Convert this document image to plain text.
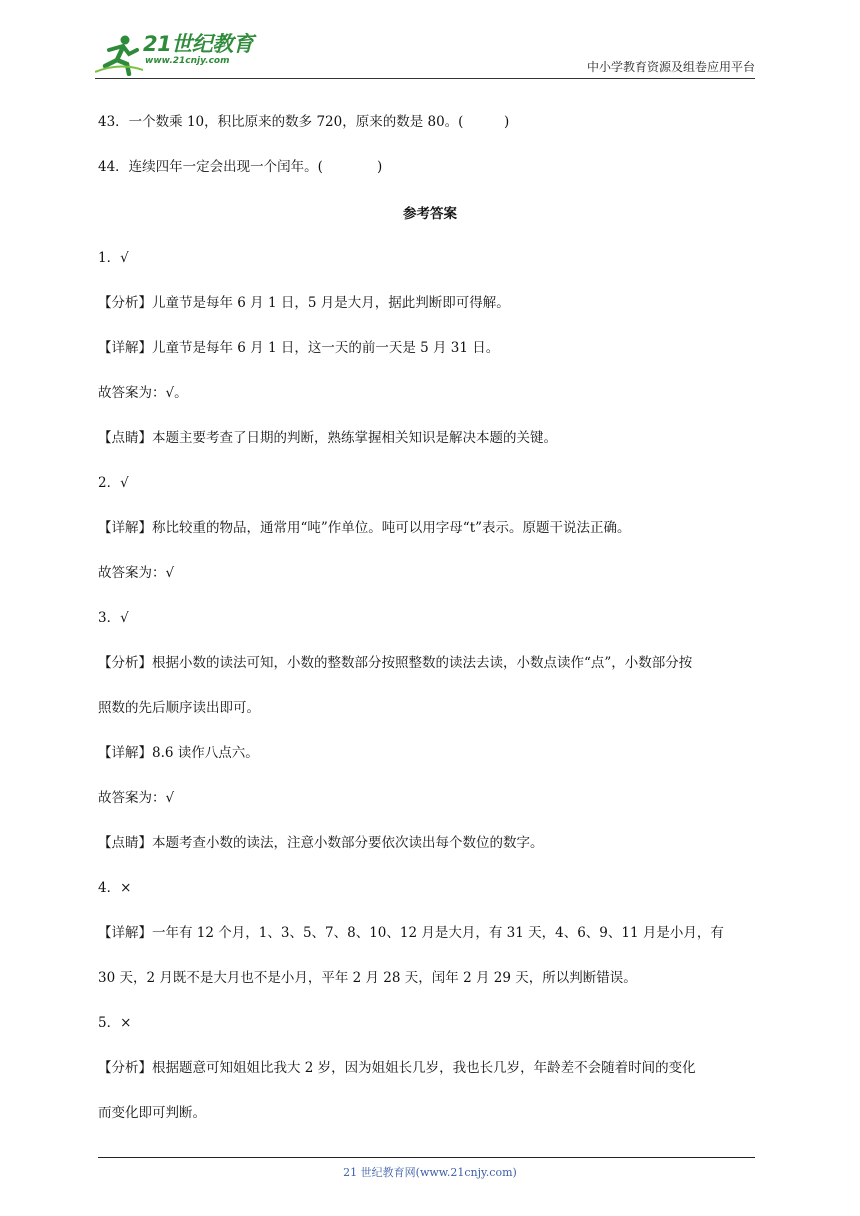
21世纪教育
www.21cnjy.com	中小学教育资源及组卷应用平台
43．一个数乘 10，积比原来的数多 720，原来的数是 80。(　　　)
44．连续四年一定会出现一个闰年。(　　　　)
参考答案
1．√
【分析】儿童节是每年 6 月 1 日，5 月是大月，据此判断即可得解。
【详解】儿童节是每年 6 月 1 日，这一天的前一天是 5 月 31 日。
故答案为：√。
【点睛】本题主要考查了日期的判断，熟练掌握相关知识是解决本题的关键。
2．√
【详解】称比较重的物品，通常用“吨”作单位。吨可以用字母“t”表示。原题干说法正确。
故答案为：√
3．√
【分析】根据小数的读法可知，小数的整数部分按照整数的读法去读，小数点读作“点”，小数部分按
照数的先后顺序读出即可。
【详解】8.6 读作八点六。
故答案为：√
【点睛】本题考查小数的读法，注意小数部分要依次读出每个数位的数字。
4．×
【详解】一年有 12 个月，1、3、5、7、8、10、12 月是大月，有 31 天，4、6、9、11 月是小月，有
30 天，2 月既不是大月也不是小月，平年 2 月 28 天，闰年 2 月 29 天，所以判断错误。
5．×
【分析】根据题意可知姐姐比我大 2 岁，因为姐姐长几岁，我也长几岁，年龄差不会随着时间的变化
而变化即可判断。
21 世纪教育网(www.21cnjy.com)
